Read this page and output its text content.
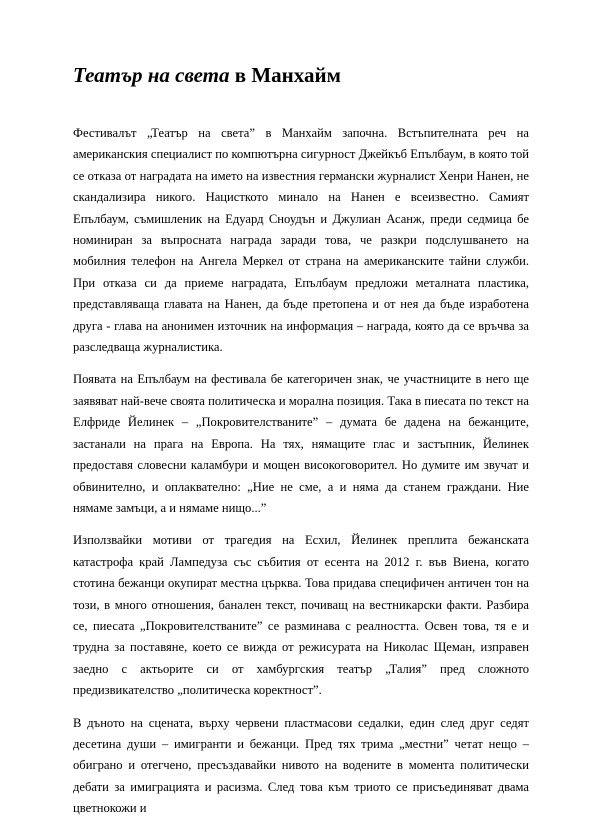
Театър на света в Манхайм

Фестивалът „Театър на света” в Манхайм започна. Встъпителната реч на американския специалист по компютърна сигурност Джейкъб Епълбаум, в която той се отказа от наградата на името на известния германски журналист Хенри Нанен, не скандализира никого. Нацисткото минало на Нанен е всеизвестно. Самият Епълбаум, съмишленик на Едуард Сноудън и Джулиан Асанж, преди седмица бе номиниран за въпросната награда заради това, че разкри подслушването на мобилния телефон на Ангела Меркел от страна на американските тайни служби. При отказа си да приеме наградата, Епълбаум предложи металната пластика, представляваща главата на Нанен, да бъде претопена и от нея да бъде изработена друга - глава на анонимен източник на информация – награда, която да се връчва за разследваща журналистика.

Появата на Епълбаум на фестивала бе категоричен знак, че участниците в него ще заявяват най-вече своята политическа и морална позиция. Така в пиесата по текст на Елфриде Йелинек – „Покровителстваните” – думата бе дадена на бежанците, застанали на прага на Европа. На тях, нямащите глас и застъпник, Йелинек предоставя словесни каламбури и мощен високоговорител. Но думите им звучат и обвинително, и оплаквателно: „Ние не сме, а и няма да станем граждани. Ние нямаме замъци, а и нямаме нищо...”

Използвайки мотиви от трагедия на Есхил, Йелинек преплита бежанската катастрофа край Лампедуза със събития от есента на 2012 г. във Виена, когато стотина бежанци окупират местна църква. Това придава специфичен античен тон на този, в много отношения, банален текст, почиващ на вестникарски факти. Разбира се, пиесата „Покровителстваните” се разминава с реалността. Освен това, тя е и трудна за поставяне, което се вижда от режисурата на Николас Щеман, изправен заедно с актьорите си от хамбургския театър „Талия” пред сложното предизвикателство „политическа коректност”.

В дъното на сцената, върху червени пластмасови седалки, един след друг седят десетина души – имигранти и бежанци. Пред тях трима „местни” четат нещо – обиграно и отегчено, пресъздавайки нивото на водените в момента политически дебати за имиграцията и расизма. След това към триото се присъединяват двама цветнокожи и
